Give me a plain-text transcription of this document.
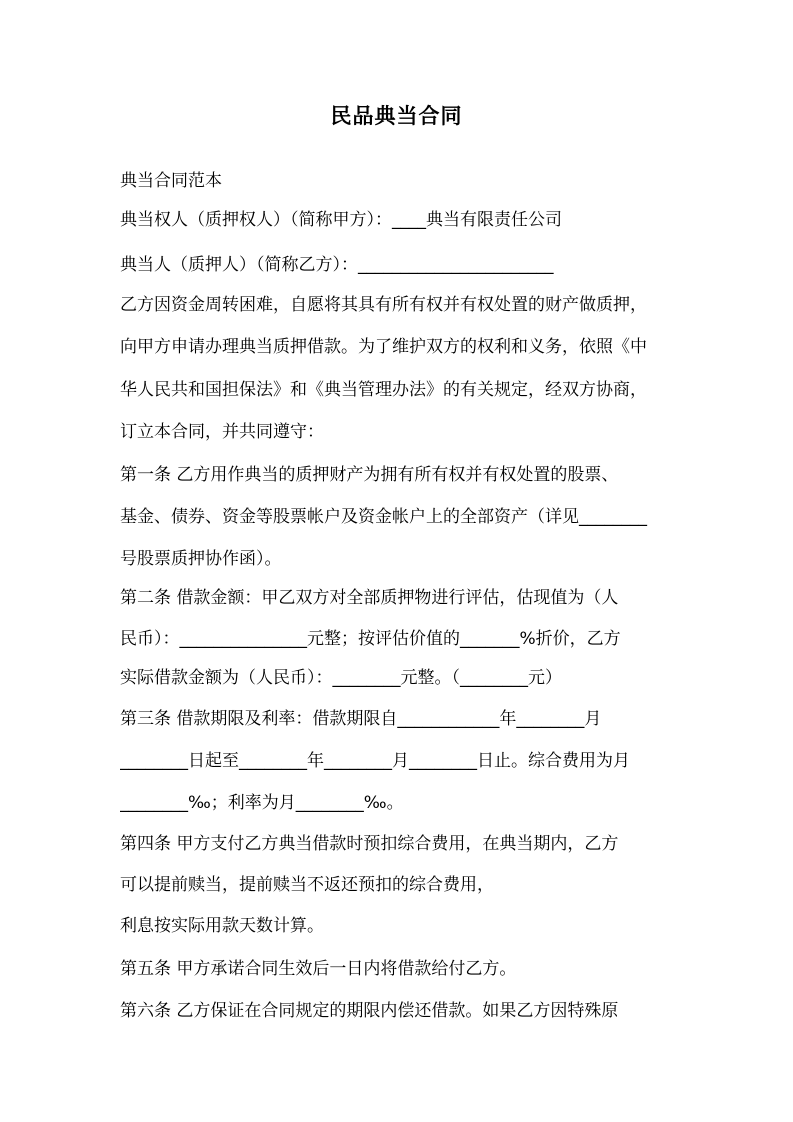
民品典当合同
典当合同范本
典当权人（质押权人）（简称甲方）：____典当有限责任公司
典当人（质押人）（简称乙方）：_______________________
乙方因资金周转困难，自愿将其具有所有权并有权处置的财产做质押，
向甲方申请办理典当质押借款。为了维护双方的权利和义务，依照《中
华人民共和国担保法》和《典当管理办法》的有关规定，经双方协商，
订立本合同，并共同遵守：
第一条 乙方用作典当的质押财产为拥有所有权并有权处置的股票、
基金、债券、资金等股票帐户及资金帐户上的全部资产（详见________
号股票质押协作函）。
第二条 借款金额：甲乙双方对全部质押物进行评估，估现值为（人
民币）：_______________元整；按评估价值的_______%折价，乙方
实际借款金额为（人民币）：________元整。（________元）
第三条 借款期限及利率：借款期限自____________年________月
________日起至________年________月________日止。综合费用为月
________‰；利率为月________‰。
第四条 甲方支付乙方典当借款时预扣综合费用，在典当期内，乙方
可以提前赎当，提前赎当不返还预扣的综合费用，
利息按实际用款天数计算。
第五条 甲方承诺合同生效后一日内将借款给付乙方。
第六条 乙方保证在合同规定的期限内偿还借款。如果乙方因特殊原
